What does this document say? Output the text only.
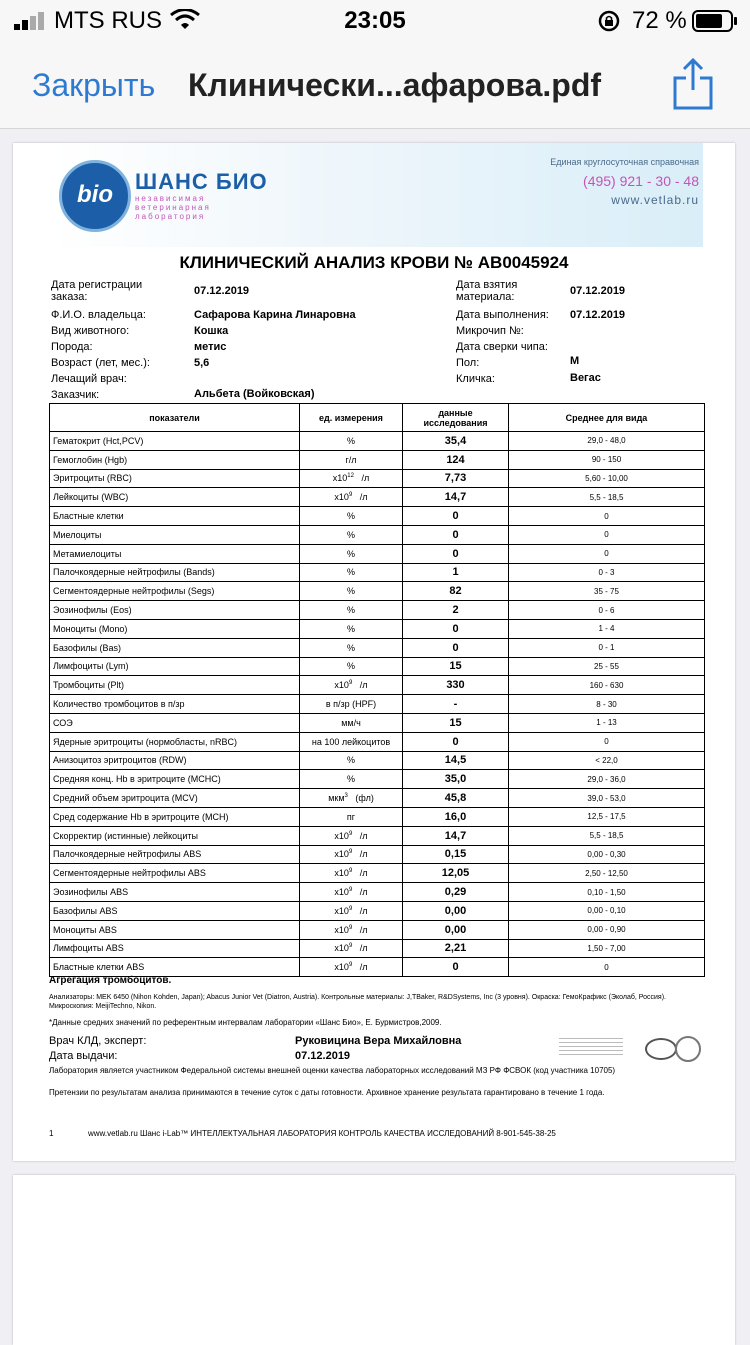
MTS RUS	23:05	72 %
Закрыть Клинически...афарова.pdf
bio	ШАНС БИО
независимая
ветеринарная
лаборатория
Единая круглосуточная справочная
(495) 921 - 30 - 48
www.vetlab.ru
КЛИНИЧЕСКИЙ АНАЛИЗ КРОВИ № AB0045924
Дата регистрации заказа:	07.12.2019
Ф.И.О. владельца:	Сафарова Карина Линаровна
Вид животного:	Кошка
Порода:	метис
Возраст (лет, мес.):	5,6
Лечащий врач:
Заказчик:	Альбета (Войковская)
Дата взятия материала:	07.12.2019
Дата выполнения: 07.12.2019
Микрочип №:
Дата сверки чипа:
Пол:	М
Кличка:	Вегас
показатели	ед. измерения	данные исследования	Среднее для вида
Гематокрит (Hct,PCV)	%	35,4	29,0 - 48,0
Гемоглобин (Hgb)	г/л	124	90 - 150
Эритроциты (RBC)	$x10^{12}$ /л	7,73	5,60 - 10,00
Лейкоциты (WBC)	$x10^9$ /л	14,7	5,5 - 18,5
Бластные клетки	%	0	0
Миелоциты	%	0	0
Метамиелоциты	%	0	0
Палочкоядерные нейтрофилы (Bands)	%	1	0 - 3
Сегментоядерные нейтрофилы (Segs)	%	82	35 - 75
Эозинофилы (Eos)	%	2	0 - 6
Моноциты (Mono)	%	0	1 - 4
Базофилы (Bas)	%	0	0 - 1
Лимфоциты (Lym)	%	15	25 - 55
Тромбоциты (Plt)	$x10^9$ /л	330	160 - 630
Количество тромбоцитов в п/зр	в п/зр (HPF)	-	8 - 30
СОЭ	мм/ч	15	1 - 13
Ядерные эритроциты (нормобласты, nRBC)	на 100 лейкоцитов	0	0
Анизоцитоз эритроцитов (RDW)	%	14,5	< 22,0
Средняя конц. Hb в эритроците (MCHC)	%	35,0	29,0 - 36,0
Средний объем эритроцита (MCV)	мкм$^3$ (фл)	45,8	39,0 - 53,0
Сред содержание Hb в эритроците (MCH)	пг	16,0	12,5 - 17,5
Скорректир (истинные) лейкоциты	$x10^9$ /л	14,7	5,5 - 18,5
Палочкоядерные нейтрофилы ABS	$x10^9$ /л	0,15	0,00 - 0,30
Сегментоядерные нейтрофилы ABS	$x10^9$ /л	12,05	2,50 - 12,50
Эозинофилы ABS	$x10^9$ /л	0,29	0,10 - 1,50
Базофилы ABS	$x10^9$ /л	0,00	0,00 - 0,10
Моноциты ABS	$x10^9$ /л	0,00	0,00 - 0,90
Лимфоциты ABS	$x10^9$ /л	2,21	1,50 - 7,00
Бластные клетки ABS	$x10^9$ /л	0	0
Агрегация тромбоцитов.
Анализаторы: MEK 6450 (Nihon Kohden, Japan); Abacus Junior Vet (Diatron, Austria). Контрольные материалы: J,TBaker, R&DSystems, Inc (3 уровня). Окраска: ГемоКрафикс (Эколаб, Россия). Микроскопия: MeijiTechno, Nikon.
*Данные средних значений по референтным интервалам лаборатории «Шанс Био», Е. Бурмистров,2009.
Врач КЛД, эксперт:	Руковицина Вера Михайловна
Дата выдачи:	07.12.2019
Лаборатория является участником Федеральной системы внешней оценки качества лабораторных исследований МЗ РФ ФСВОК (код участника 10705)
Претензии по результатам анализа принимаются в течение суток с даты готовности. Архивное хранение результата гарантировано в течение 1 года.
1	www.vetlab.ru Шанс i-Lab™ ИНТЕЛЛЕКТУАЛЬНАЯ ЛАБОРАТОРИЯ КОНТРОЛЬ КАЧЕСТВА ИССЛЕДОВАНИЙ 8-901-545-38-25
